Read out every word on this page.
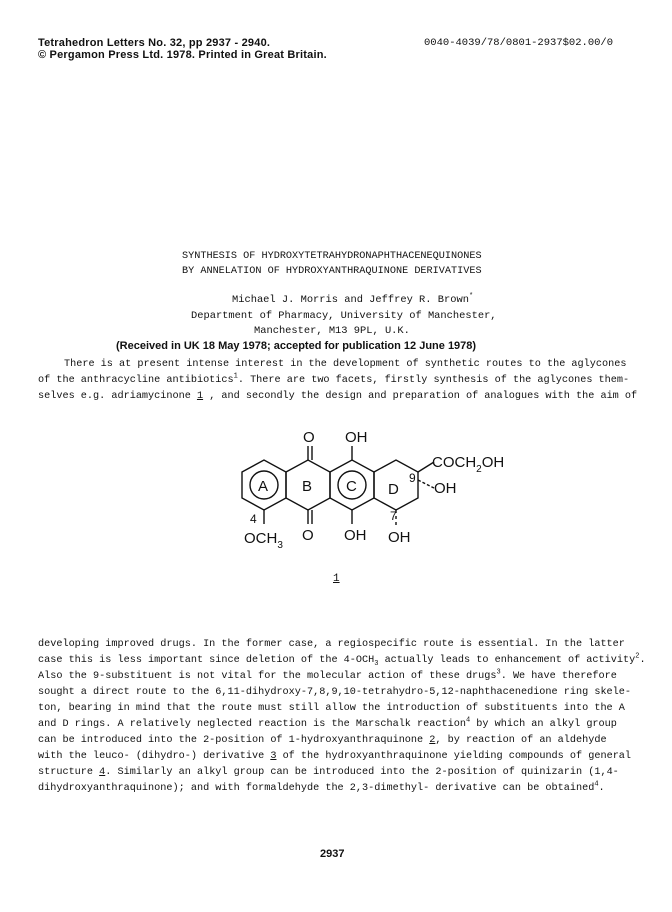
Tetrahedron Letters No. 32, pp 2937 - 2940.
© Pergamon Press Ltd. 1978. Printed in Great Britain.
0040-4039/78/0801-2937$02.00/0
SYNTHESIS OF HYDROXYTETRAHYDRONAPHTHACENEQUINONES
BY ANNELATION OF HYDROXYANTHRAQUINONE DERIVATIVES
Michael J. Morris and Jeffrey R. Brown*
Department of Pharmacy, University of Manchester,
Manchester, M13 9PL, U.K.
(Received in UK 18 May 1978; accepted for publication 12 June 1978)
There is at present intense interest in the development of synthetic routes to the aglycones
of the anthracycline antibiotics$^1$. There are two facets, firstly synthesis of the aglycones them-
selves e.g. adriamycinone 1 , and secondly the design and preparation of analogues with the aim of
O OH
A B C D
9
$COCH_2OH$
OH
4	7
$OCH_3$
O OH OH
1
developing improved drugs. In the former case, a regiospecific route is essential. In the latter
case this is less important since deletion of the $4-OCH_3$ actually leads to enhancement of activity$^2$.
Also the 9-substituent is not vital for the molecular action of these drugs$^3$. We have therefore
sought a direct route to the 6,11-dihydroxy-7,8,9,10-tetrahydro-5,12-naphthacenedione ring skele-
ton, bearing in mind that the route must still allow the introduction of substituents into the A
and D rings. A relatively neglected reaction is the Marschalk reaction$^4$ by which an alkyl group
can be introduced into the 2-position of 1-hydroxyanthraquinone 2, by reaction of an aldehyde
with the leuco- (dihydro-) derivative 3 of the hydroxyanthraquinone yielding compounds of general
structure 4. Similarly an alkyl group can be introduced into the 2-position of quinizarin (1,4-
dihydroxyanthraquinone); and with formaldehyde the 2,3-dimethyl- derivative can be obtained$^4$.
2937
